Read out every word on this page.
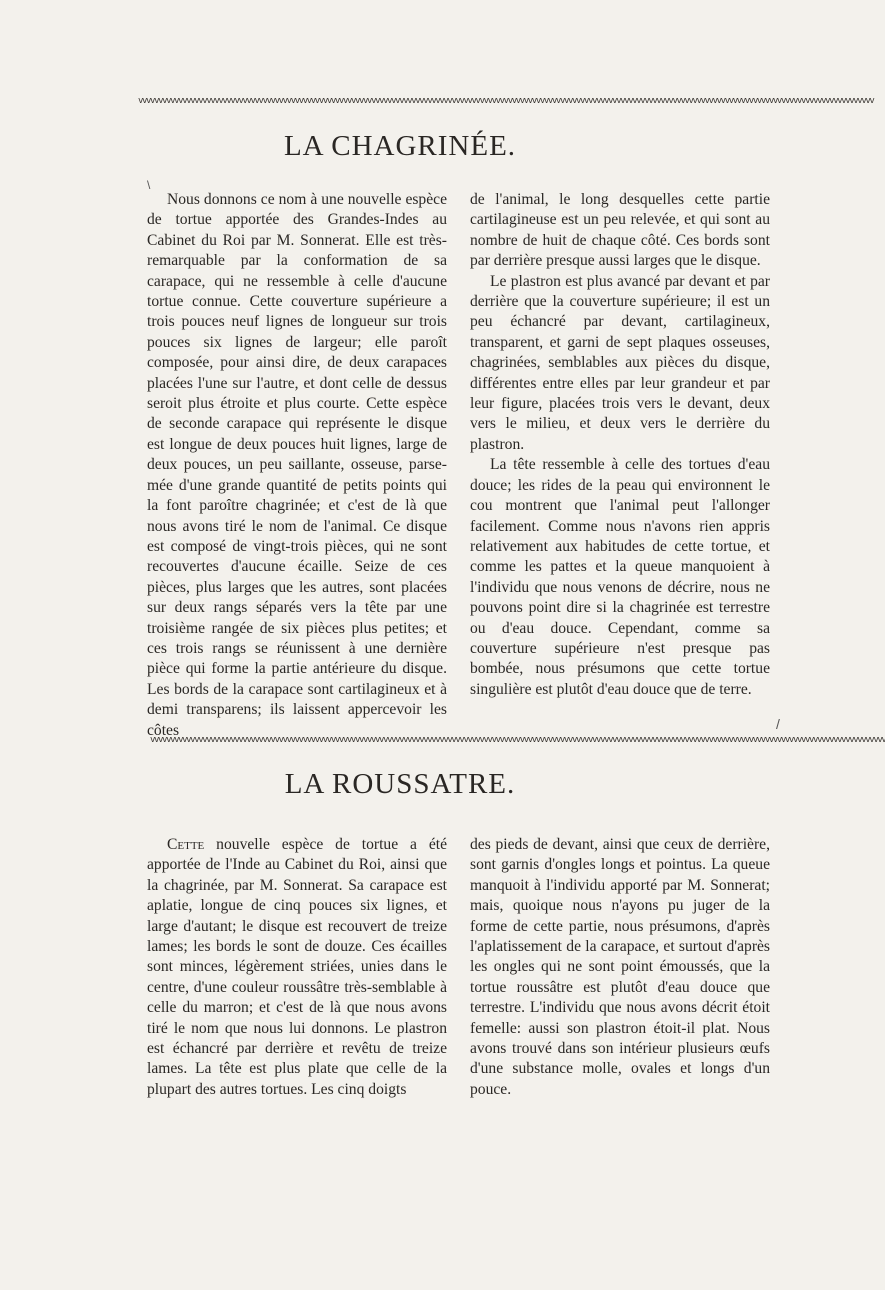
vvvvvvvvvvvvvvvvvvvvvvvvvvvvvvvvvvvvvvvvvvvvvvvvvvvvvvvvvvvvvvvvvvvvvvvvvvvvvvvvvvvvvvvvvvvvvvvvvvvvvvvvvvvvvvvvvvvvvvvvvvvvvvvvvvvvvvvvvvvvvvvvvvvvvvvvvvvvvvvvvvvvvvvvvvvvvvvvvvvvvvv
LA CHAGRINÉE.
\

Nous donnons ce nom à une nouvelle espèce de tortue apportée des Grandes-Indes au Cabinet du Roi par M. Sonnerat. Elle est très-remarquable par la conformation de sa carapace, qui ne ressemble à celle d'aucune tortue connue. Cette couverture supérieure a trois pouces neuf lignes de longueur sur trois pouces six lignes de largeur; elle paroît composée, pour ainsi dire, de deux carapaces placées l'une sur l'autre, et dont celle de dessus seroit plus étroite et plus courte. Cette espèce de seconde carapace qui représente le disque est longue de deux pouces huit lignes, large de deux pouces, un peu saillante, osseuse, parsemée d'une grande quantité de petits points qui la font paroître chagrinée; et c'est de là que nous avons tiré le nom de l'animal. Ce disque est composé de vingt-trois pièces, qui ne sont recouvertes d'aucune écaille. Seize de ces pièces, plus larges que les autres, sont placées sur deux rangs séparés vers la tête par une troisième rangée de six pièces plus petites; et ces trois rangs se réunissent à une dernière pièce qui forme la partie antérieure du disque. Les bords de la carapace sont cartilagineux et à demi transparens; ils laissent appercevoir les côtes

de l'animal, le long desquelles cette partie cartilagineuse est un peu relevée, et qui sont au nombre de huit de chaque côté. Ces bords sont par derrière presque aussi larges que le disque.

Le plastron est plus avancé par devant et par derrière que la couverture supérieure; il est un peu échancré par devant, cartilagineux, transparent, et garni de sept plaques osseuses, chagrinées, semblables aux pièces du disque, différentes entre elles par leur grandeur et par leur figure, placées trois vers le devant, deux vers le milieu, et deux vers le derrière du plastron.

La tête ressemble à celle des tortues d'eau douce; les rides de la peau qui environnent le cou montrent que l'animal peut l'allonger facilement. Comme nous n'avons rien appris relativement aux habitudes de cette tortue, et comme les pattes et la queue manquoient à l'individu que nous venons de décrire, nous ne pouvons point dire si la chagrinée est terrestre ou d'eau douce. Cependant, comme sa couverture supérieure n'est presque pas bombée, nous présumons que cette tortue singulière est plutôt d'eau douce que de terre.

/
vvvvvvvvvvvvvvvvvvvvvvvvvvvvvvvvvvvvvvvvvvvvvvvvvvvvvvvvvvvvvvvvvvvvvvvvvvvvvvvvvvvvvvvvvvvvvvvvvvvvvvvvvvvvvvvvvvvvvvvvvvvvvvvvvvvvvvvvvvvvvvvvvvvvvvvvvvvvvvvvvvvvvvvvvvvvvvvvvvvvvvv
LA ROUSSATRE.

Cette nouvelle espèce de tortue a été apportée de l'Inde au Cabinet du Roi, ainsi que la chagrinée, par M. Sonnerat. Sa carapace est aplatie, longue de cinq pouces six lignes, et large d'autant; le disque est recouvert de treize lames; les bords le sont de douze. Ces écailles sont minces, légèrement striées, unies dans le centre, d'une couleur roussâtre très-semblable à celle du marron; et c'est de là que nous avons tiré le nom que nous lui donnons. Le plastron est échancré par derrière et revêtu de treize lames. La tête est plus plate que celle de la plupart des autres tortues. Les cinq doigts

des pieds de devant, ainsi que ceux de derrière, sont garnis d'ongles longs et pointus. La queue manquoit à l'individu apporté par M. Sonnerat; mais, quoique nous n'ayons pu juger de la forme de cette partie, nous présumons, d'après l'aplatissement de la carapace, et surtout d'après les ongles qui ne sont point émoussés, que la tortue roussâtre est plutôt d'eau douce que terrestre. L'individu que nous avons décrit étoit femelle: aussi son plastron étoit-il plat. Nous avons trouvé dans son intérieur plusieurs œufs d'une substance molle, ovales et longs d'un pouce.
